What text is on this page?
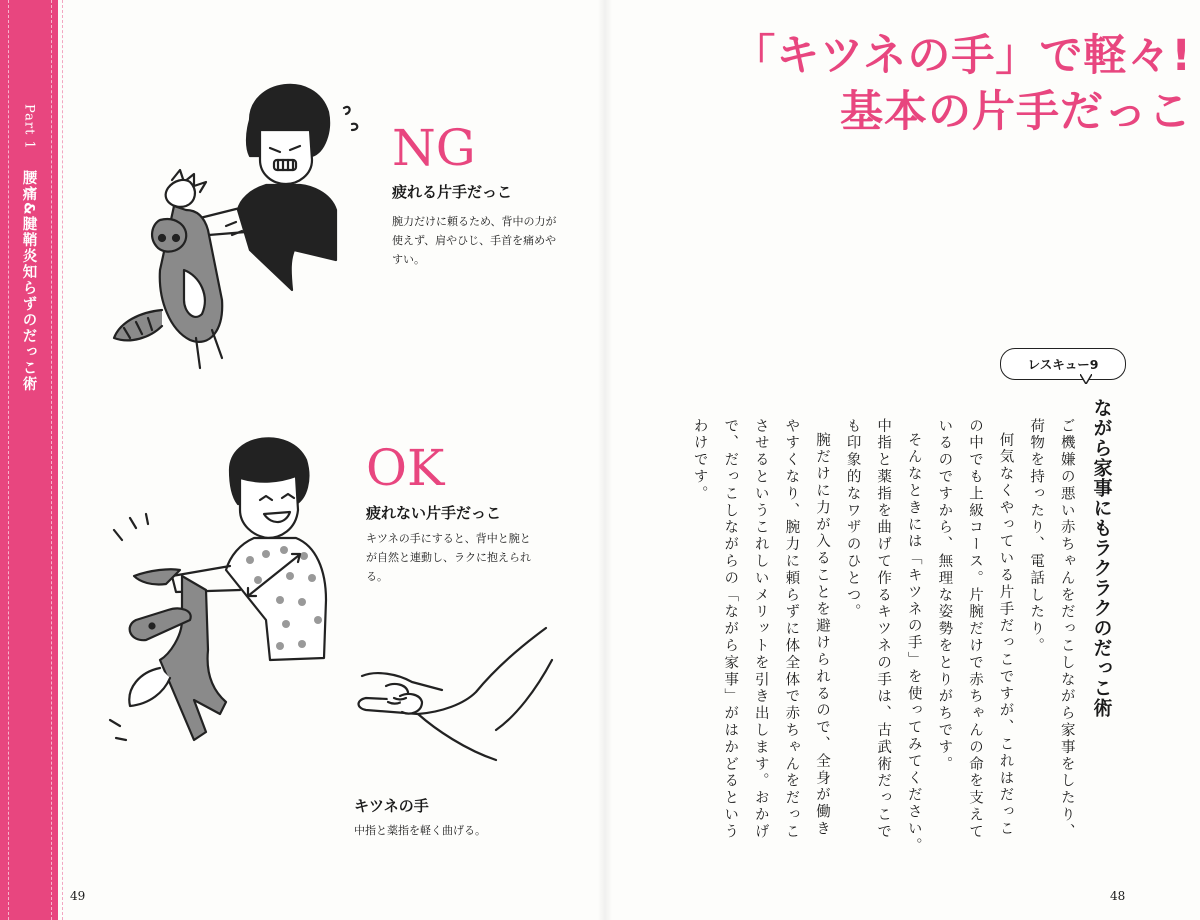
Part 1
腰痛&腱鞘炎知らずのだっこ術
「キツネの手」で軽々!
基本の片手だっこ
NG
疲れる片手だっこ
腕力だけに頼るため、背中の力が使えず、肩やひじ、手首を痛めやすい。
OK
疲れない片手だっこ
キツネの手にすると、背中と腕とが自然と連動し、ラクに抱えられる。
キツネの手
中指と薬指を軽く曲げる。
レスキュー9
ながら家事にもラクラクのだっこ術
ご機嫌の悪い赤ちゃんをだっこしながら家事をしたり、
荷物を持ったり、電話したり。
何気なくやっている片手だっこですが、これはだっこ
の中でも上級コース。片腕だけで赤ちゃんの命を支えて
いるのですから、無理な姿勢をとりがちです。
そんなときには「キツネの手」を使ってみてください。
中指と薬指を曲げて作るキツネの手は、古武術だっこで
も印象的なワザのひとつ。
腕だけに力が入ることを避けられるので、全身が働き
やすくなり、腕力に頼らずに体全体で赤ちゃんをだっこ
させるというこれしいメリットを引き出します。おかげ
で、だっこしながらの「ながら家事」がはかどるという
わけです。
49	48
